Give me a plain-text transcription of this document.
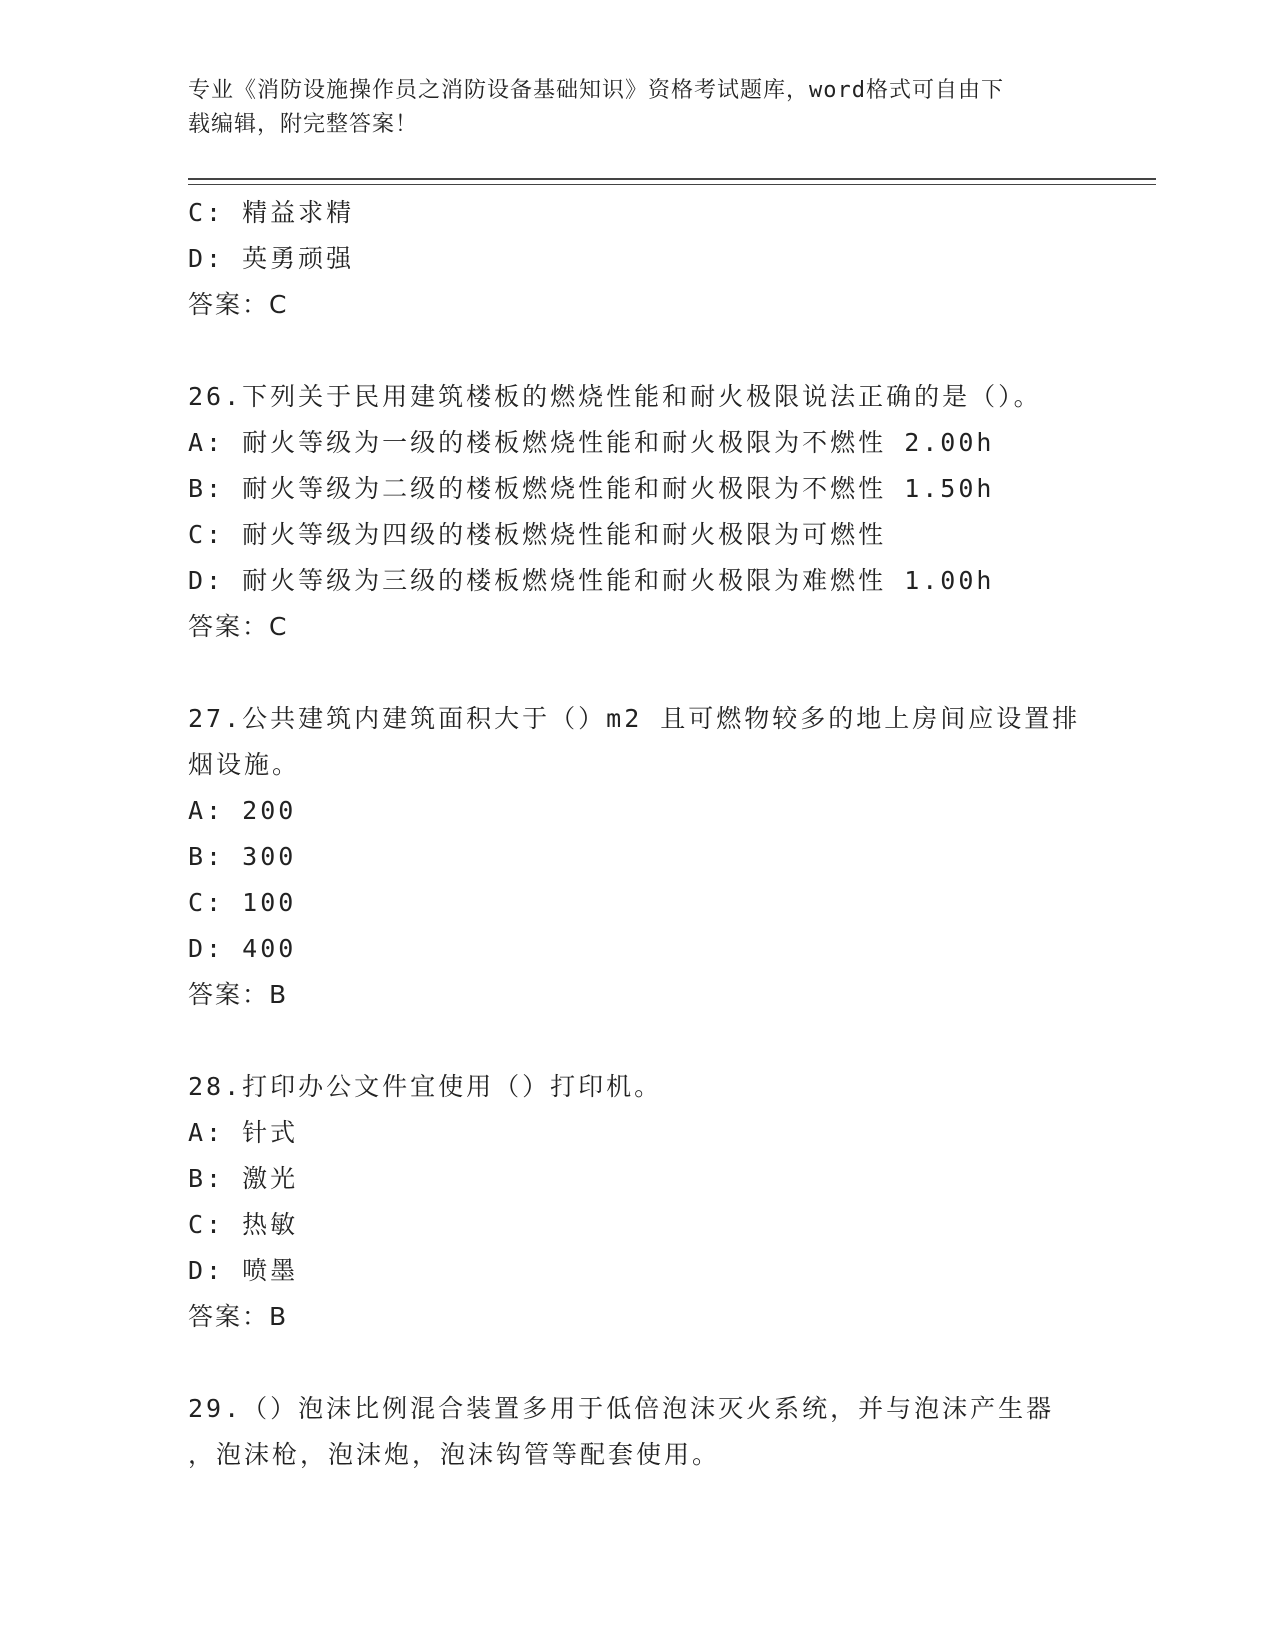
专业《消防设施操作员之消防设备基础知识》资格考试题库，word格式可自由下
载编辑，附完整答案！
C: 精益求精
D: 英勇顽强
答案：C
26.下列关于民用建筑楼板的燃烧性能和耐火极限说法正确的是（）。
A: 耐火等级为一级的楼板燃烧性能和耐火极限为不燃性 2.00h
B: 耐火等级为二级的楼板燃烧性能和耐火极限为不燃性 1.50h
C: 耐火等级为四级的楼板燃烧性能和耐火极限为可燃性
D: 耐火等级为三级的楼板燃烧性能和耐火极限为难燃性 1.00h
答案：C
27.公共建筑内建筑面积大于（）m2 且可燃物较多的地上房间应设置排
烟设施。
A: 200
B: 300
C: 100
D: 400
答案：B
28.打印办公文件宜使用（）打印机。
A: 针式
B: 激光
C: 热敏
D: 喷墨
答案：B
29.（）泡沫比例混合装置多用于低倍泡沫灭火系统，并与泡沫产生器
，泡沫枪，泡沫炮，泡沫钩管等配套使用。
